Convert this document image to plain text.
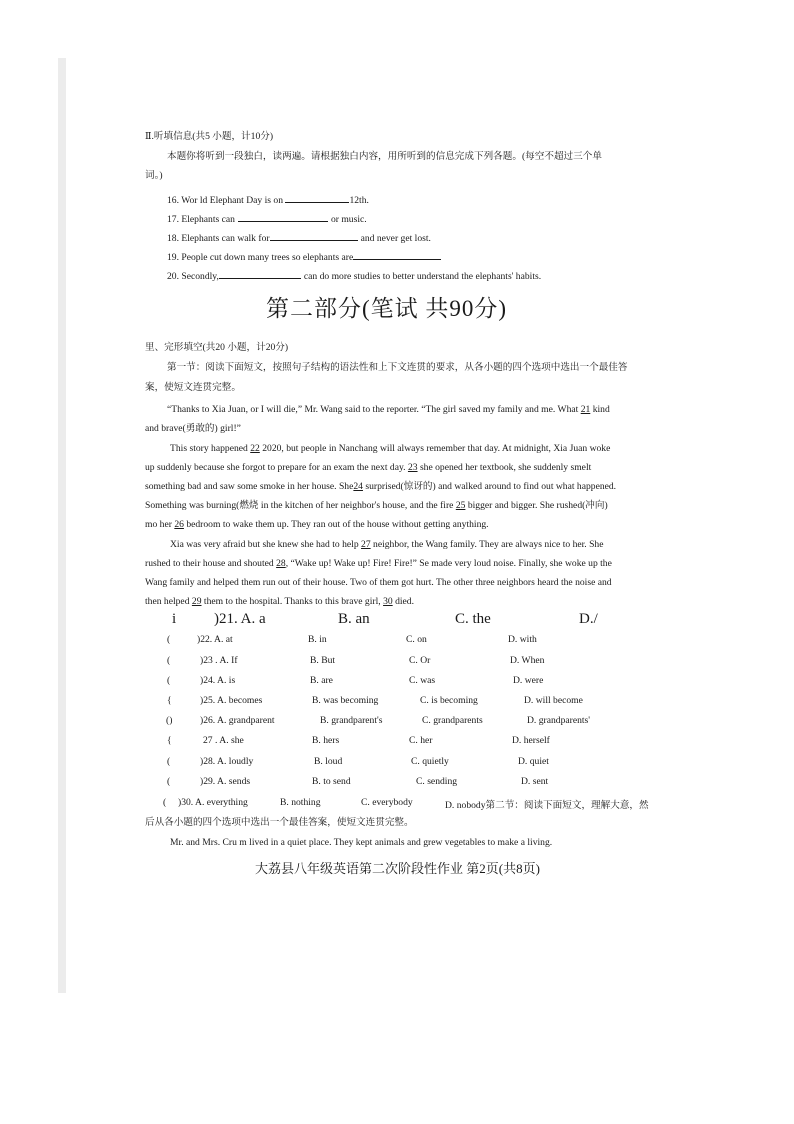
Ⅱ.听填信息(共5 小题，计10分)
本题你将听到一段独白，读两遍。请根据独白内容，用所听到的信息完成下列各题。(每空不超过三个单
词。)
16. Wor ld Elephant Day is on	12th.
17. Elephants can	or music.
18. Elephants can walk for	and never get lost.
19. People cut down many trees so elephants are
20. Secondly,	can do more studies to better understand the elephants' habits.
第二部分(笔试 共90分)
里、完形填空(共20 小题，计20分)
第一节：阅读下面短文，按照句子结构的语法性和上下文连贯的要求，从各小题的四个选项中选出一个最佳答
案，使短文连贯完整。
“Thanks to Xia Juan, or I will die,” Mr. Wang said to the reporter. “The girl saved my family and me. What 21 kind
and brave(勇敢的) girl!”
This story happened 22 2020, but people in Nanchang will always remember that day. At midnight, Xia Juan woke
up suddenly because she forgot to prepare for an exam the next day. 23 she opened her textbook, she suddenly smelt
something bad and saw some smoke in her house. She24 surprised(惊讶的) and walked around to find out what happened.
Something was burning(燃烧 in the kitchen of her neighbor's house, and the fire 25 bigger and bigger. She rushed(冲向)
mo her 26 bedroom to wake them up. They ran out of the house without getting anything.
Xia was very afraid but she knew she had to help 27 neighbor, the Wang family. They are always nice to her. She
rushed to their house and shouted 28, “Wake up! Wake up! Fire! Fire!” Se made very loud noise. Finally, she woke up the
Wang family and helped them run out of their house. Two of them got hurt. The other three neighbors heard the noise and
then helped 29 them to the hospital. Thanks to this brave girl, 30 died.
i	)21. A. a	B. an	C. the	D./
(	)22. A. at	B. in	C. on	D. with
(	)23 . A. If	B. But	C. Or	D. When
(	)24. A. is	B. are	C. was	D. were
{	)25. A. becomes	B. was becoming	C. is becoming	D. will become
()	)26. A. grandparent	B. grandparent's	C. grandparents	D. grandparents'
{	27 . A. she	B. hers	C. her	D. herself
(	)28. A. loudly	B. loud	C. quietly	D. quiet
(	)29. A. sends	B. to send	C. sending	D. sent
( )30. A. everything	B. nothing	C. everybody	D. nobody第二节：阅读下面短文，理解大意，然
后从各小题的四个选项中选出一个最佳答案，使短文连贯完整。
Mr. and Mrs. Cru m lived in a quiet place. They kept animals and grew vegetables to make a living.
大荔县八年级英语第二次阶段性作业 第2页(共8页)
